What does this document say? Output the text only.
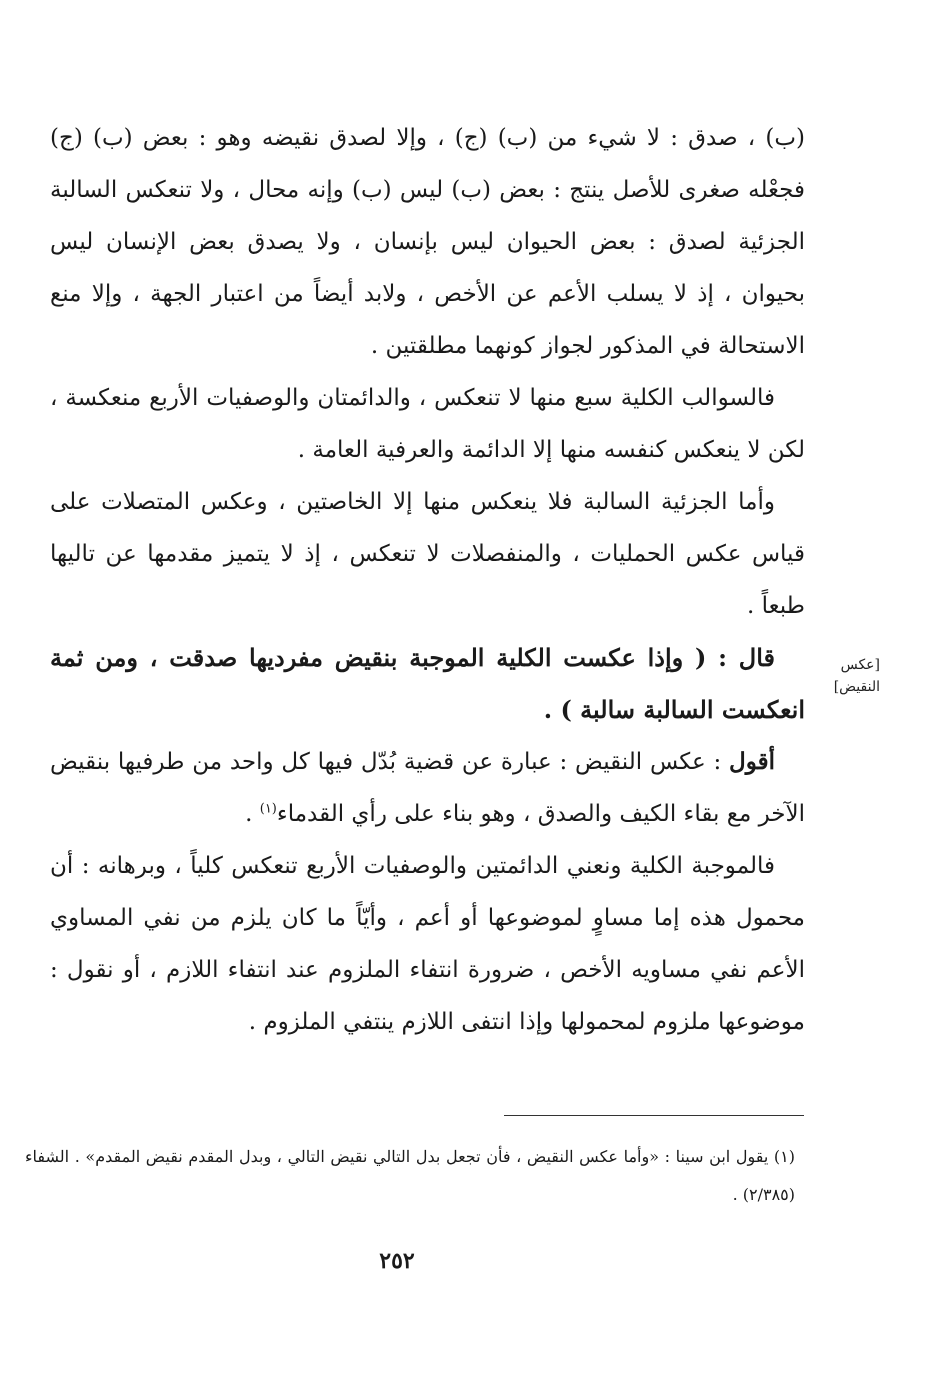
(ب) ، صدق : لا شيء من (ب) (ج) ، وإلا لصدق نقيضه وهو : بعض (ب) (ج) فجعْله صغرى للأصل ينتج : بعض (ب) ليس (ب) وإنه محال ، ولا تنعكس السالبة الجزئية لصدق : بعض الحيوان ليس بإنسان ، ولا يصدق بعض الإنسان ليس بحيوان ، إذ لا يسلب الأعم عن الأخص ، ولابد أيضاً من اعتبار الجهة ، وإلا منع الاستحالة في المذكور لجواز كونهما مطلقتين .

فالسوالب الكلية سبع منها لا تنعكس ، والدائمتان والوصفيات الأربع منعكسة ، لكن لا ينعكس كنفسه منها إلا الدائمة والعرفية العامة .

وأما الجزئية السالبة فلا ينعكس منها إلا الخاصتين ، وعكس المتصلات على قياس عكس الحمليات ، والمنفصلات لا تنعكس ، إذ لا يتميز مقدمها عن تاليها طبعاً .

قال : ( وإذا عكست الكلية الموجبة بنقيض مفرديها صدقت ، ومن ثمة انعكست السالبة سالبة ) .

أقول : عكس النقيض : عبارة عن قضية بُدّل فيها كل واحد من طرفيها بنقيض الآخر مع بقاء الكيف والصدق ، وهو بناء على رأي القدماء$^{(١)}$ .

فالموجبة الكلية ونعني الدائمتين والوصفيات الأربع تنعكس كلياً ، وبرهانه : أن محمول هذه إما مساوٍ لموضوعها أو أعم ، وأيّاً ما كان يلزم من نفي المساوي الأعم نفي مساويه الأخص ، ضرورة انتفاء الملزوم عند انتفاء اللازم ، أو نقول : موضوعها ملزوم لمحمولها وإذا انتفى اللازم ينتفي الملزوم .

[عكس النقيض]

(١) يقول ابن سينا : «وأما عكس النقيض ، فأن تجعل بدل التالي نقيض التالي ، وبدل المقدم نقيض المقدم» . الشفاء (٢/٣٨٥) .

٢٥٢
